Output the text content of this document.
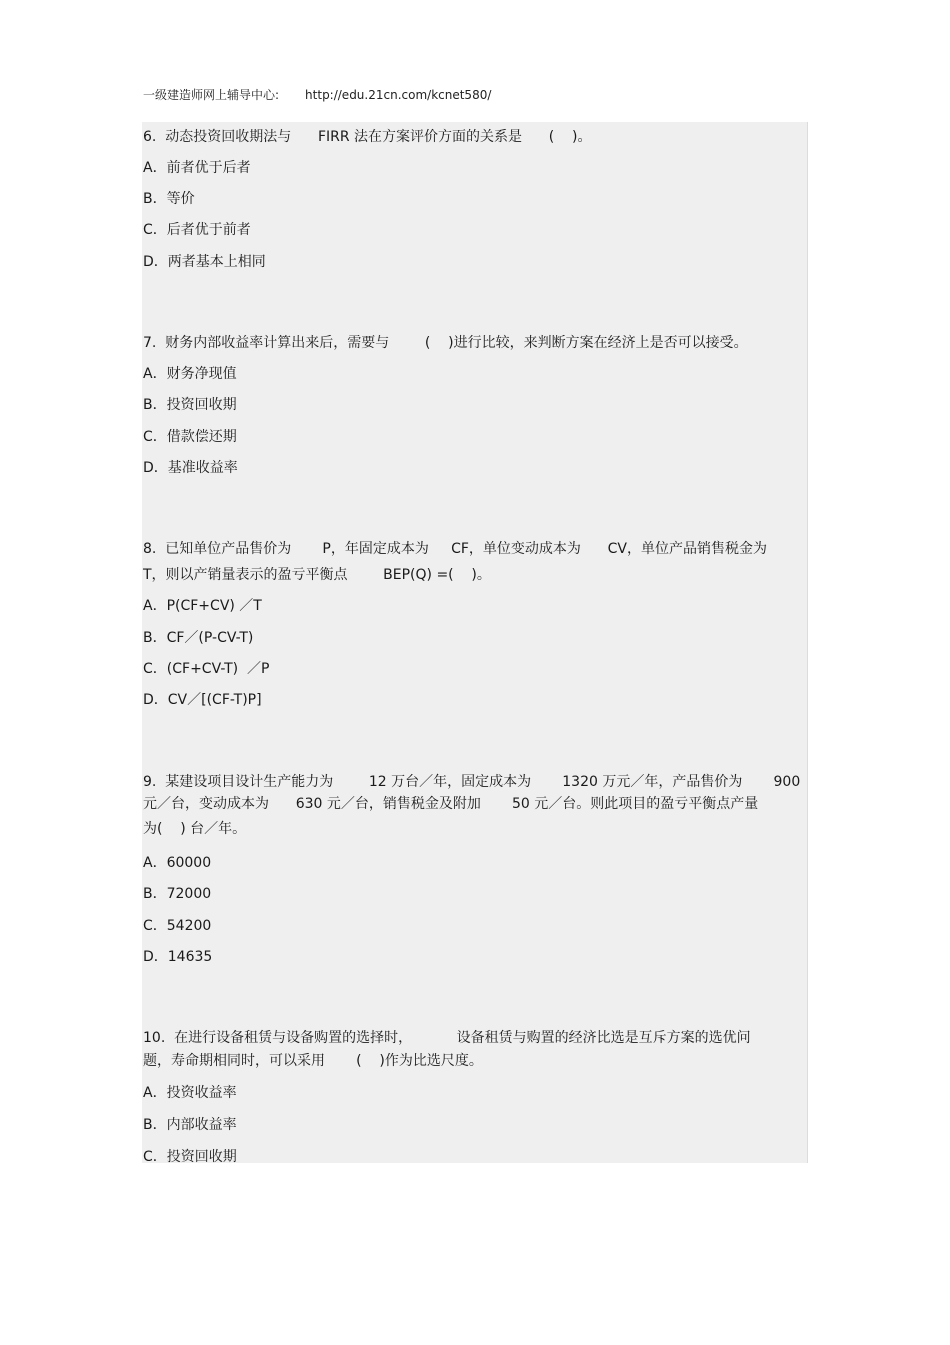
一级建造师网上辅导中心: http://edu.21cn.com/kcnet580/
6.  动态投资回收期法与      FIRR 法在方案评价方面的关系是      (    )。
A．前者优于后者
B．等价
C．后者优于前者
D．两者基本上相同
7.  财务内部收益率计算出来后，需要与        (    )进行比较，来判断方案在经济上是否可以接受。
A．财务净现值
B．投资回收期
C．借款偿还期
D．基准收益率
8.  已知单位产品售价为       P，年固定成本为     CF，单位变动成本为      CV，单位产品销售税金为
T，则以产销量表示的盈亏平衡点        BEP(Q) =(    )。
A．P(CF+CV) ／T
B．CF／(P-CV-T)
C．(CF+CV-T)  ／P
D．CV／[(CF-T)P]
9.  某建设项目设计生产能力为        12 万台／年，固定成本为       1320 万元／年，产品售价为       900
元／台，变动成本为      630 元／台，销售税金及附加       50 元／台。则此项目的盈亏平衡点产量
为(    ) 台／年。
A．60000
B．72000
C．54200
D．14635
10.  在进行设备租赁与设备购置的选择时，          设备租赁与购置的经济比选是互斥方案的选优问
题，寿命期相同时，可以采用       (    )作为比选尺度。
A．投资收益率
B．内部收益率
C．投资回收期
